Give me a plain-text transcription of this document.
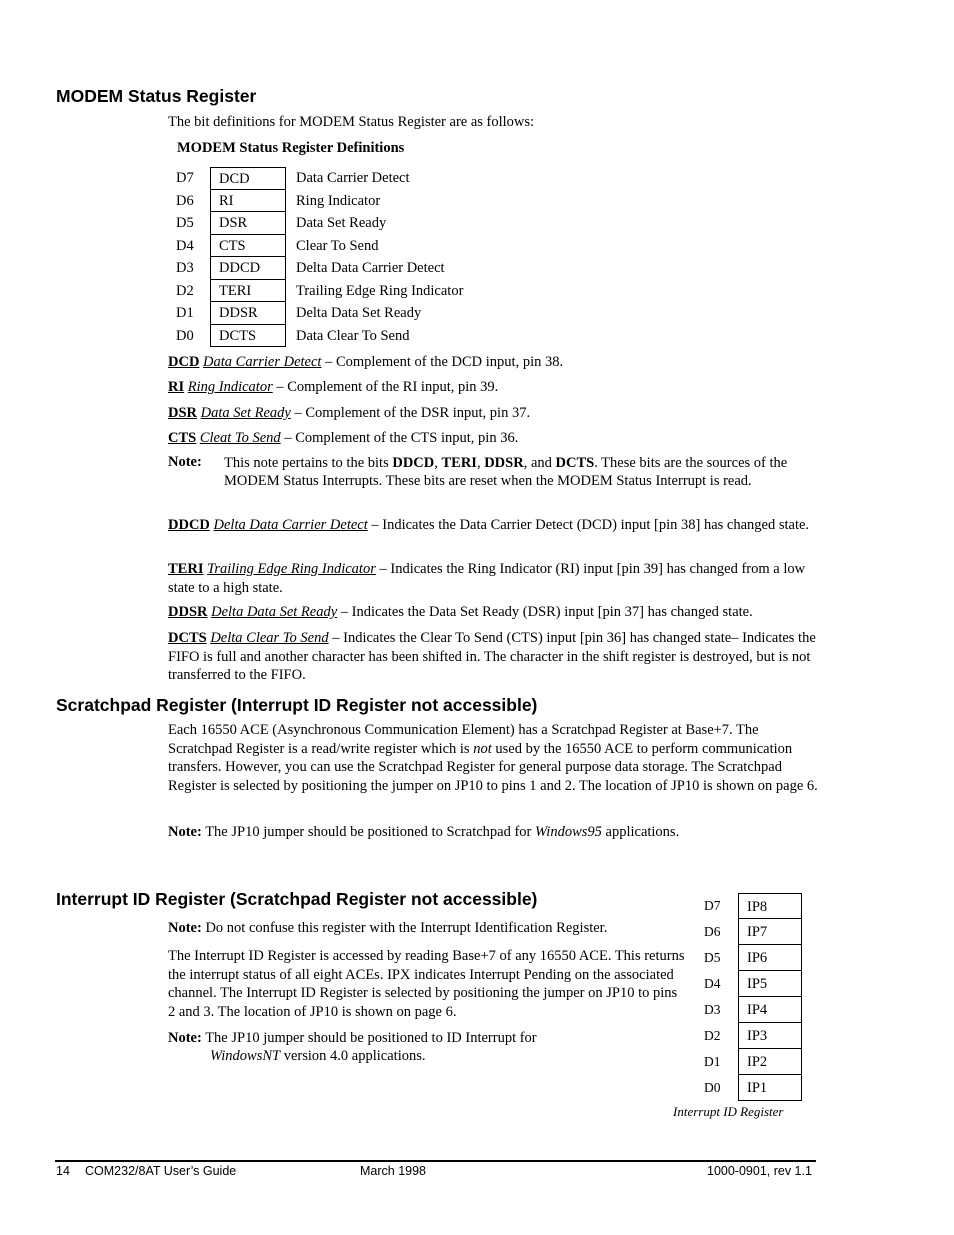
MODEM Status Register
The bit definitions for MODEM Status Register are as follows:
MODEM Status Register Definitions
D7	DCD	Data Carrier Detect
D6	RI	Ring Indicator
D5	DSR	Data Set Ready
D4	CTS	Clear To Send
D3	DDCD	Delta Data Carrier Detect
D2	TERI	Trailing Edge Ring Indicator
D1	DDSR	Delta Data Set Ready
D0	DCTS	Data Clear To Send
DCD Data Carrier Detect – Complement of the DCD input, pin 38.
RI Ring Indicator – Complement of the RI input, pin 39.
DSR Data Set Ready – Complement of the DSR input, pin 37.
CTS Cleat To Send – Complement of the CTS input, pin 36.
Note: This note pertains to the bits DDCD, TERI, DDSR, and DCTS. These bits are the sources of the MODEM Status Interrupts. These bits are reset when the MODEM Status Interrupt is read.
DDCD Delta Data Carrier Detect – Indicates the Data Carrier Detect (DCD) input [pin 38] has changed state.
TERI Trailing Edge Ring Indicator – Indicates the Ring Indicator (RI) input [pin 39] has changed from a low state to a high state.
DDSR Delta Data Set Ready – Indicates the Data Set Ready (DSR) input [pin 37] has changed state.
DCTS Delta Clear To Send – Indicates the Clear To Send (CTS) input [pin 36] has changed state– Indicates the FIFO is full and another character has been shifted in. The character in the shift register is destroyed, but is not transferred to the FIFO.
Scratchpad Register (Interrupt ID Register not accessible)
Each 16550 ACE (Asynchronous Communication Element) has a Scratchpad Register at Base+7. The Scratchpad Register is a read/write register which is not used by the 16550 ACE to perform communication transfers. However, you can use the Scratchpad Register for general purpose data storage. The Scratchpad Register is selected by positioning the jumper on JP10 to pins 1 and 2. The location of JP10 is shown on page 6.
Note: The JP10 jumper should be positioned to Scratchpad for Windows95 applications.
Interrupt ID Register (Scratchpad Register not accessible)
Note: Do not confuse this register with the Interrupt Identification Register.
The Interrupt ID Register is accessed by reading Base+7 of any 16550 ACE. This returns the interrupt status of all eight ACEs. IPX indicates Interrupt Pending on the associated channel. The Interrupt ID Register is selected by positioning the jumper on JP10 to pins 2 and 3. The location of JP10 is shown on page 6.
Note: The JP10 jumper should be positioned to ID Interrupt for
WindowsNT version 4.0 applications.
D7	IP8
D6	IP7
D5	IP6
D4	IP5
D3	IP4
D2	IP3
D1	IP2
D0	IP1
Interrupt ID Register
14 COM232/8AT User’s Guide	March 1998	1000-0901, rev 1.1
